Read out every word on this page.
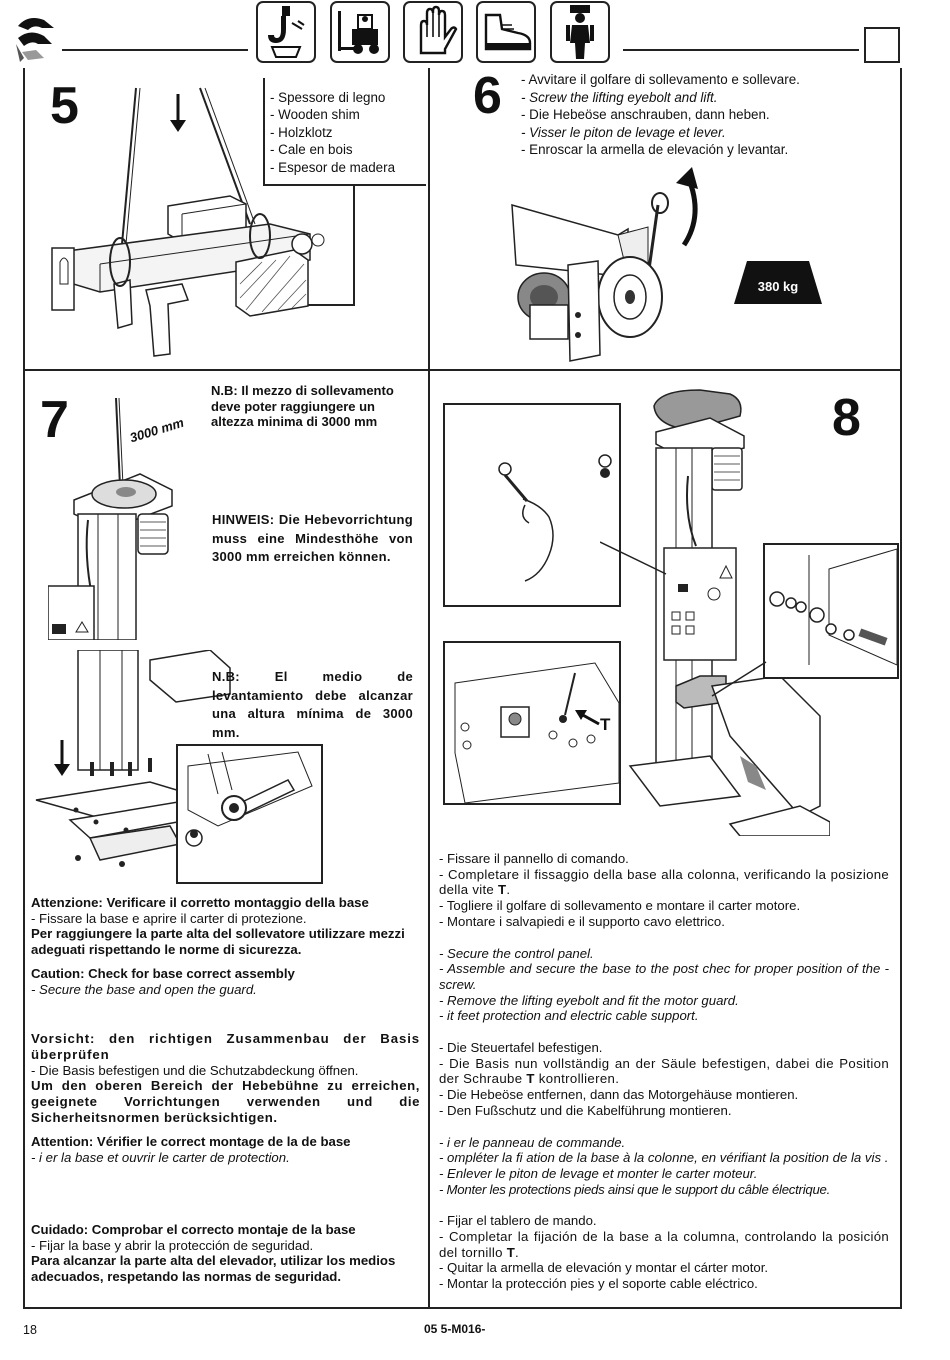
5	- Spessore di legno

- Wooden shim

- Holzklotz

- Cale en bois

- Espesor de madera

6 - Avvitare il golfare di sollevamento e sollevare.

- Screw the lifting eyebolt and lift.

- Die Hebeöse anschrauben, dann heben.

- Visser le piton de levage et lever.

- Enroscar la armella de elevación y levantar.

380 kg
7	3000 mm
N.B: Il mezzo di sollevamento deve poter raggiungere un altezza minima di 3000 mm
HINWEIS: Die Hebevorrichtung muss eine Mindesthöhe von 3000 mm erreichen können.
N.B: El medio de levantamiento debe alcanzar una altura mínima de 3000 mm.

Attenzione: Verificare il corretto montaggio della base

- Fissare la base e aprire il carter di protezione.

Per raggiungere la parte alta del sollevatore utilizzare mezzi adeguati rispettando le norme di sicurezza.

Caution: Check for base correct assembly

- Secure the base and open the guard.

Vorsicht: den richtigen Zusammenbau der Basis überprüfen

- Die Basis befestigen und die Schutzabdeckung öffnen.

Um den oberen Bereich der Hebebühne zu erreichen, geeignete Vorrichtungen verwenden und die Sicherheitsnormen berücksichtigen.

Attention: Vérifier le correct montage de la de base

- i er la base et ouvrir le carter de protection.

Cuidado: Comprobar el correcto montaje de la base

- Fijar la base y abrir la protección de seguridad.

Para alcanzar la parte alta del elevador, utilizar los medios adecuados, respetando las normas de seguridad.

8
T

- Fissare il pannello di comando.

- Completare il fissaggio della base alla colonna, verificando la posizione della vite T.

- Togliere il golfare di sollevamento e montare il carter motore.

- Montare i salvapiedi e il supporto cavo elettrico.

- Secure the control panel.

- Assemble and secure the base to the post chec for proper position of the -screw.

- Remove the lifting eyebolt and fit the motor guard.

- it feet protection and electric cable support.

- Die Steuertafel befestigen.

- Die Basis nun vollständig an der Säule befestigen, dabei die Position der Schraube T kontrollieren.

- Die Hebeöse entfernen, dann das Motorgehäuse montieren.

- Den Fußschutz und die Kabelführung montieren.

- i er le panneau de commande.

- ompléter la fi ation de la base à la colonne, en vérifiant la position de la vis .

- Enlever le piton de levage et monter le carter moteur.

- Monter les protections pieds ainsi que le support du câble électrique.

- Fijar el tablero de mando.

- Completar la fijación de la base a la columna, controlando la posición del tornillo T.

- Quitar la armella de elevación y montar el cárter motor.

- Montar la protección pies y el soporte cable eléctrico.

18	05 5-M016-
